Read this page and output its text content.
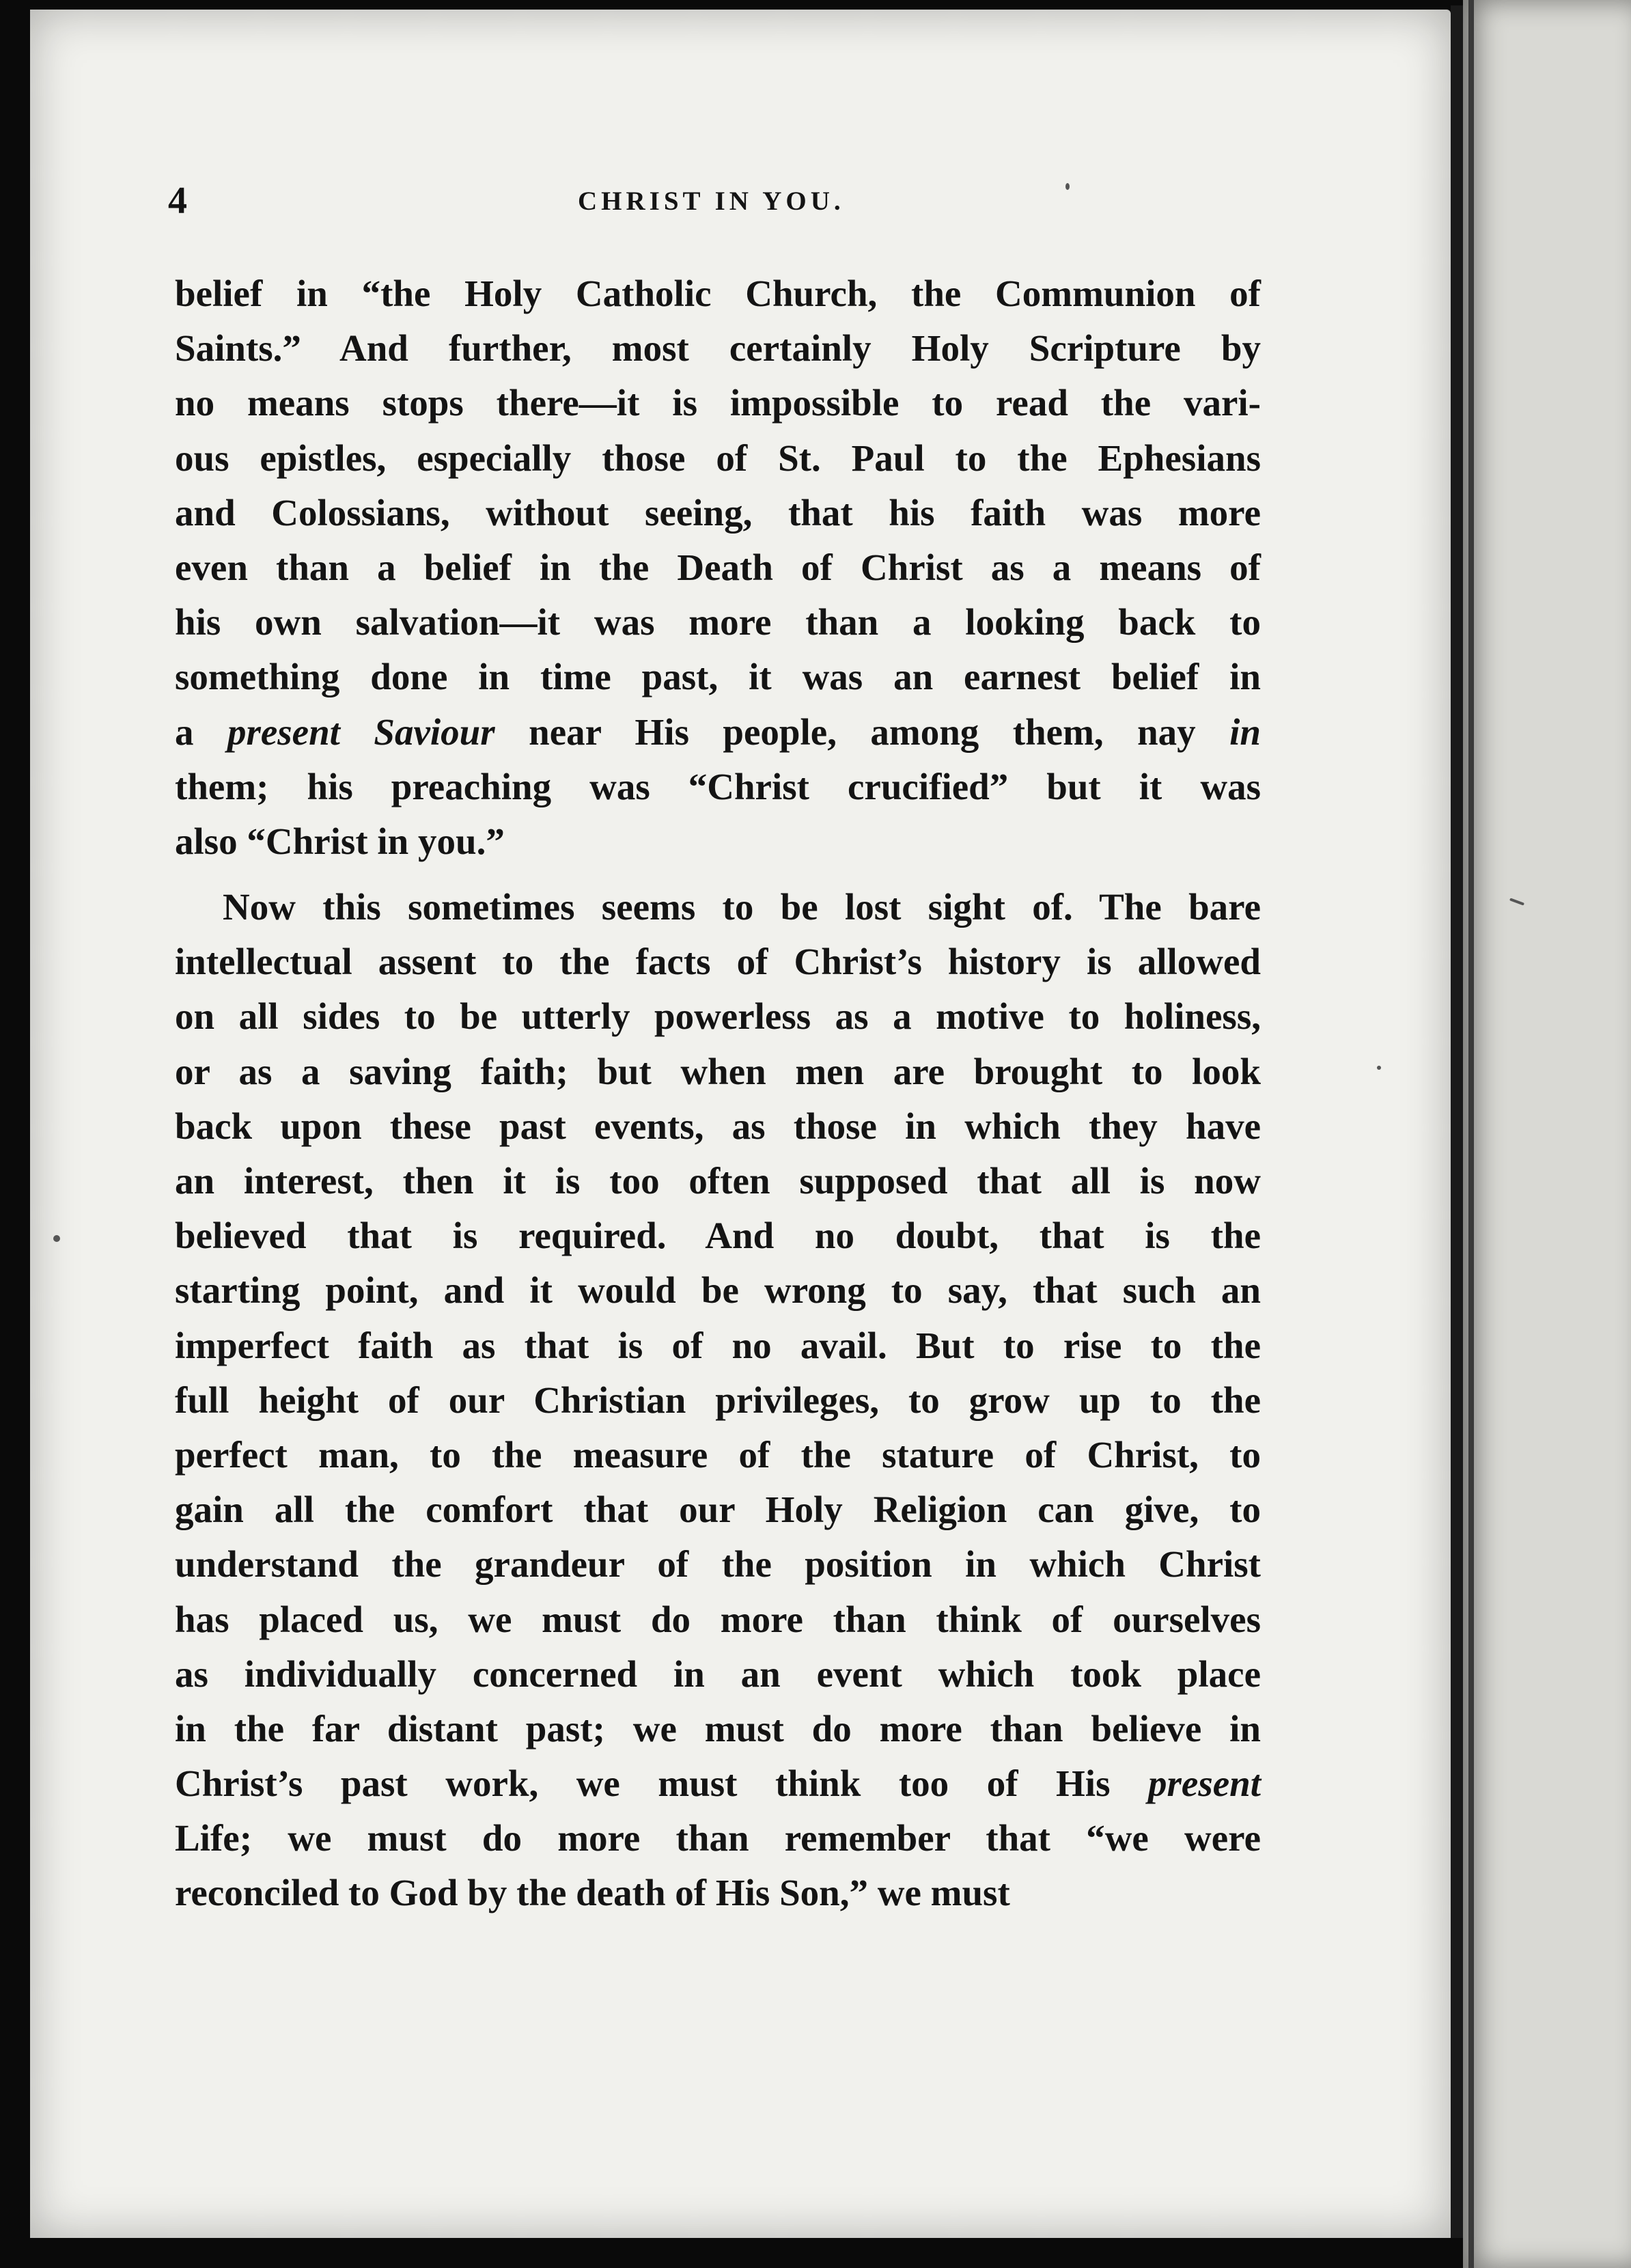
4	CHRIST IN YOU.
belief in “the Holy Catholic Church, the Communion of
Saints.” And further, most certainly Holy Scripture by
no means stops there—it is impossible to read the vari-
ous epistles, especially those of St. Paul to the Ephesians
and Colossians, without seeing, that his faith was more
even than a belief in the Death of Christ as a means of
his own salvation—it was more than a looking back to
something done in time past, it was an earnest belief in
a present Saviour near His people, among them, nay in
them; his preaching was “Christ crucified” but it was
also “Christ in you.”
Now this sometimes seems to be lost sight of. The bare
intellectual assent to the facts of Christ’s history is allowed
on all sides to be utterly powerless as a motive to holiness,
or as a saving faith; but when men are brought to look
back upon these past events, as those in which they have
an interest, then it is too often supposed that all is now
believed that is required. And no doubt, that is the
starting point, and it would be wrong to say, that such an
imperfect faith as that is of no avail. But to rise to the
full height of our Christian privileges, to grow up to the
perfect man, to the measure of the stature of Christ, to
gain all the comfort that our Holy Religion can give, to
understand the grandeur of the position in which Christ
has placed us, we must do more than think of ourselves
as individually concerned in an event which took place
in the far distant past; we must do more than believe in
Christ’s past work, we must think too of His present
Life; we must do more than remember that “we were
reconciled to God by the death of His Son,” we must
